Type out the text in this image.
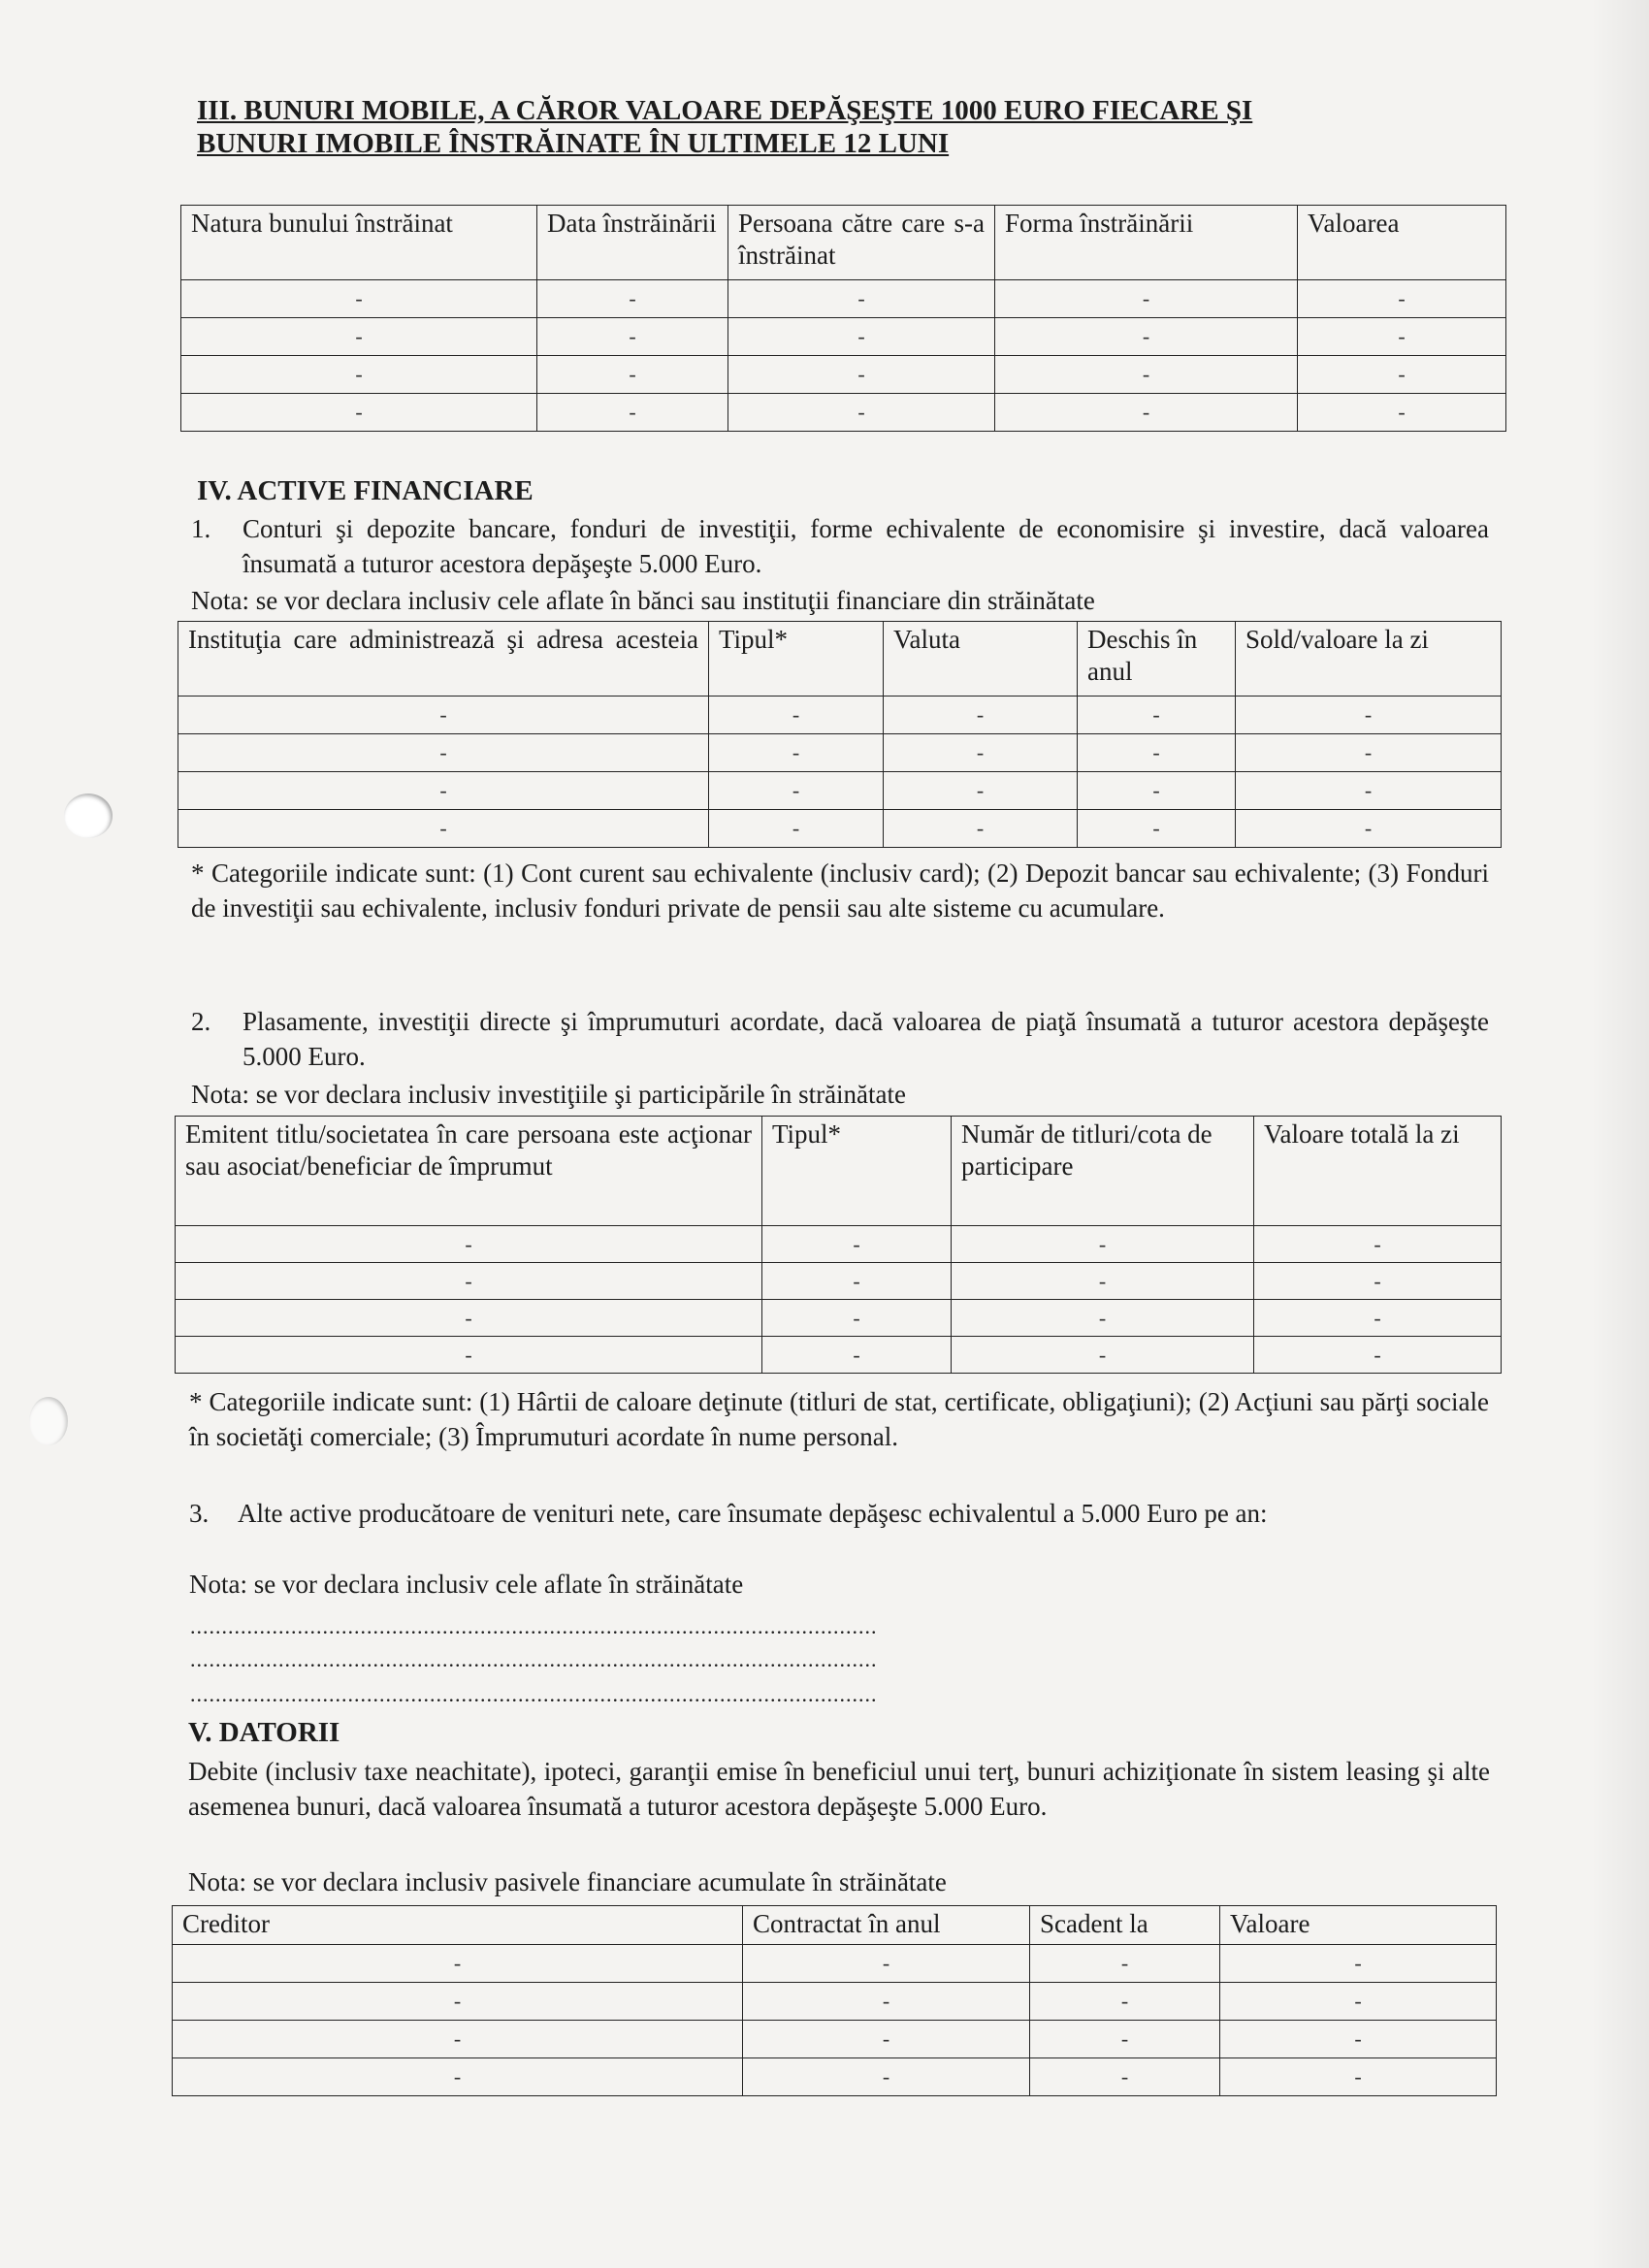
III. BUNURI MOBILE, A CĂROR VALOARE DEPĂŞEŞTE 1000 EURO FIECARE ŞI
BUNURI IMOBILE ÎNSTRĂINATE ÎN ULTIMELE 12 LUNI
Natura bunului înstrăinat	Data înstrăinării	Persoana către care s-a înstrăinat	Forma înstrăinării	Valoarea
-	-	-	-	-
-	-	-	-	-
-	-	-	-	-
-	-	-	-	-
IV. ACTIVE FINANCIARE
1. Conturi şi depozite bancare, fonduri de investiţii, forme echivalente de economisire şi investire, dacă valoarea însumată a tuturor acestora depăşeşte 5.000 Euro.
Nota: se vor declara inclusiv cele aflate în bănci sau instituţii financiare din străinătate
Instituţia care administrează şi adresa acesteia	Tipul*	Valuta	Deschis în anul	Sold/valoare la zi
-	-	-	-	-
-	-	-	-	-
-	-	-	-	-
-	-	-	-	-
* Categoriile indicate sunt: (1) Cont curent sau echivalente (inclusiv card); (2) Depozit bancar sau echivalente; (3) Fonduri de investiţii sau echivalente, inclusiv fonduri private de pensii sau alte sisteme cu acumulare.
2. Plasamente, investiţii directe şi împrumuturi acordate, dacă valoarea de piaţă însumată a tuturor acestora depăşeşte 5.000 Euro.
Nota: se vor declara inclusiv investiţiile şi participările în străinătate
Emitent titlu/societatea în care persoana este acţionar sau asociat/beneficiar de împrumut	Tipul*	Număr de titluri/cota de participare	Valoare totală la zi
-	-	-	-
-	-	-	-
-	-	-	-
-	-	-	-
* Categoriile indicate sunt: (1) Hârtii de caloare deţinute (titluri de stat, certificate, obligaţiuni); (2) Acţiuni sau părţi sociale în societăţi comerciale; (3) Împrumuturi acordate în nume personal.
3. Alte active producătoare de venituri nete, care însumate depăşesc echivalentul a 5.000 Euro pe an:
Nota: se vor declara inclusiv cele aflate în străinătate
.............................................................................................................
.............................................................................................................
.............................................................................................................
V. DATORII
Debite (inclusiv taxe neachitate), ipoteci, garanţii emise în beneficiul unui terţ, bunuri achiziţionate în sistem leasing şi alte asemenea bunuri, dacă valoarea însumată a tuturor acestora depăşeşte 5.000 Euro.
Nota: se vor declara inclusiv pasivele financiare acumulate în străinătate
Creditor	Contractat în anul	Scadent la	Valoare
-	-	-	-
-	-	-	-
-	-	-	-
-	-	-	-
